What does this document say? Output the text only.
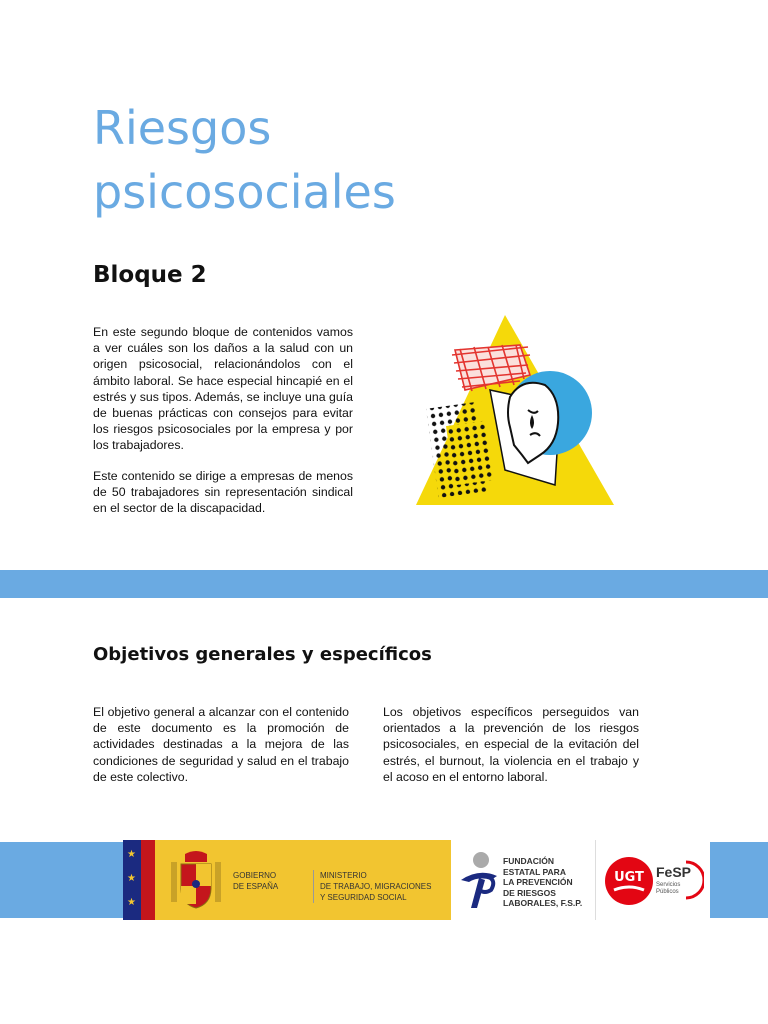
Riesgos
psicosociales
Bloque 2

En este segundo bloque de contenidos vamos a ver cuáles son los daños a la salud con un origen psicosocial, relacionándolos con el ámbito laboral. Se hace especial hincapié en el estrés y sus tipos. Además, se incluye una guía de buenas prácticas con consejos para evitar los riesgos psicosociales por la empresa y por los trabajadores.

Este contenido se dirige a empresas de menos de 50 trabajadores sin representación sindical en el sector de la discapacidad.

Objetivos generales y específicos

El objetivo general a alcanzar con el contenido de este documento es la promoción de actividades destinadas a la mejora de las condiciones de seguridad y salud en el trabajo de este colectivo.

Los objetivos específicos perseguidos van orientados a la prevención de los riesgos psicosociales, en especial de la evitación del estrés, el burnout, la violencia en el trabajo y el acoso en el entorno laboral.

★
★
★
GOBIERNO
DE ESPAÑA
MINISTERIO
DE TRABAJO, MIGRACIONES
Y SEGURIDAD SOCIAL
FUNDACIÓN
ESTATAL PARA
LA PREVENCIÓN
DE RIESGOS
LABORALES, F.S.P.
UGT FeSP
Servicios
Públicos
